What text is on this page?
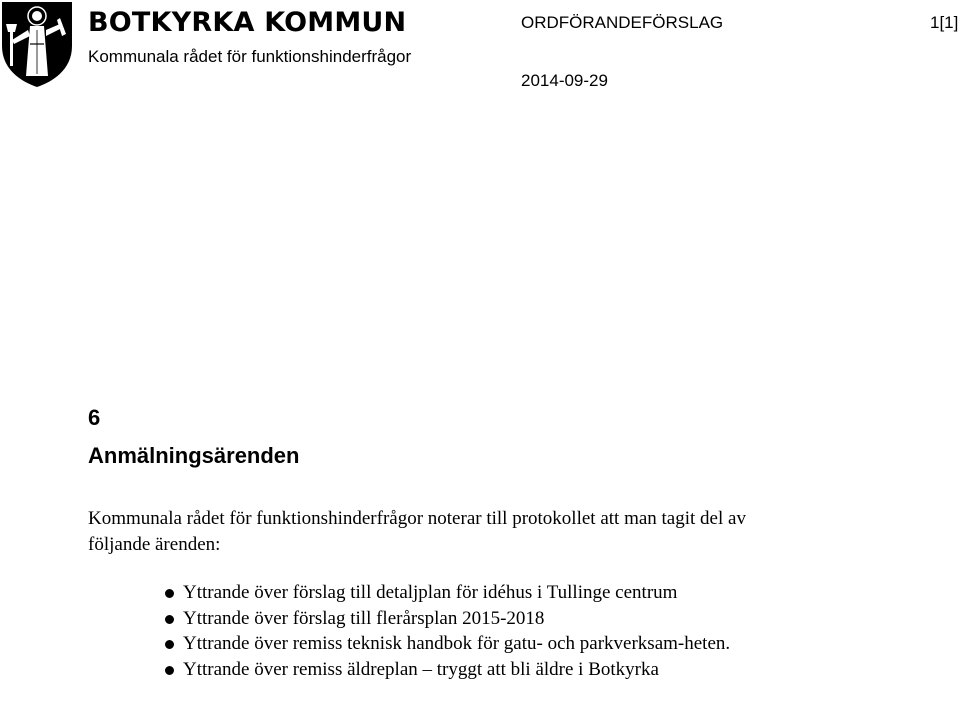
BOTKYRKA KOMMUN
Kommunala rådet för funktionshinderfrågor
ORDFÖRANDEFÖRSLAG	1[1]
2014-09-29
6
Anmälningsärenden
Kommunala rådet för funktionshinderfrågor noterar till protokollet att man tagit del av följande ärenden:
Yttrande över förslag till detaljplan för idéhus i Tullinge centrum
Yttrande över förslag till flerårsplan 2015-2018
Yttrande över remiss teknisk handbok för gatu- och parkverksam-heten.
Yttrande över remiss äldreplan – tryggt att bli äldre i Botkyrka
